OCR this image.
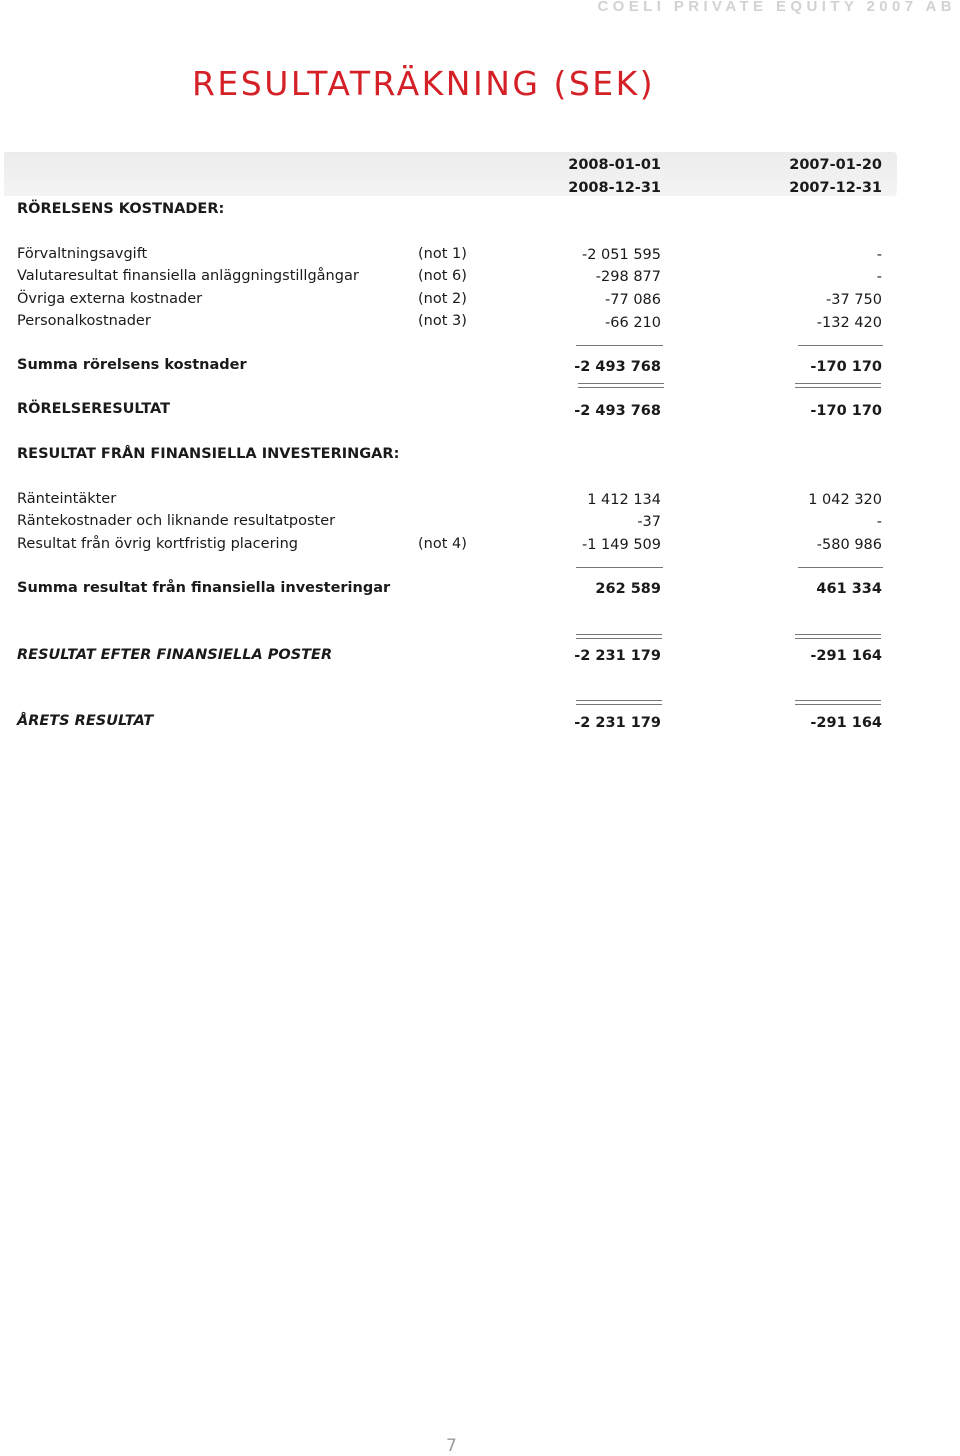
COELI PRIVATE EQUITY 2007 AB
RESULTATRÄKNING (SEK)
2008-01-01
2008-12-31
2007-01-20
2007-12-31
RÖRELSENS KOSTNADER:
Förvaltningsavgift	(not 1)	-2 051 595	-
Valutaresultat finansiella anläggningstillgångar	(not 6)	-298 877	-
Övriga externa kostnader	(not 2)	-77 086	-37 750
Personalkostnader	(not 3)	-66 210	-132 420
Summa rörelsens kostnader	-2 493 768	-170 170
RÖRELSERESULTAT	-2 493 768	-170 170
RESULTAT FRÅN FINANSIELLA INVESTERINGAR:
Ränteintäkter	1 412 134	1 042 320
Räntekostnader och liknande resultatposter	-37	-
Resultat från övrig kortfristig placering	(not 4)	-1 149 509	-580 986
Summa resultat från finansiella investeringar	262 589	461 334
RESULTAT EFTER FINANSIELLA POSTER	-2 231 179	-291 164
ÅRETS RESULTAT	-2 231 179	-291 164
7
